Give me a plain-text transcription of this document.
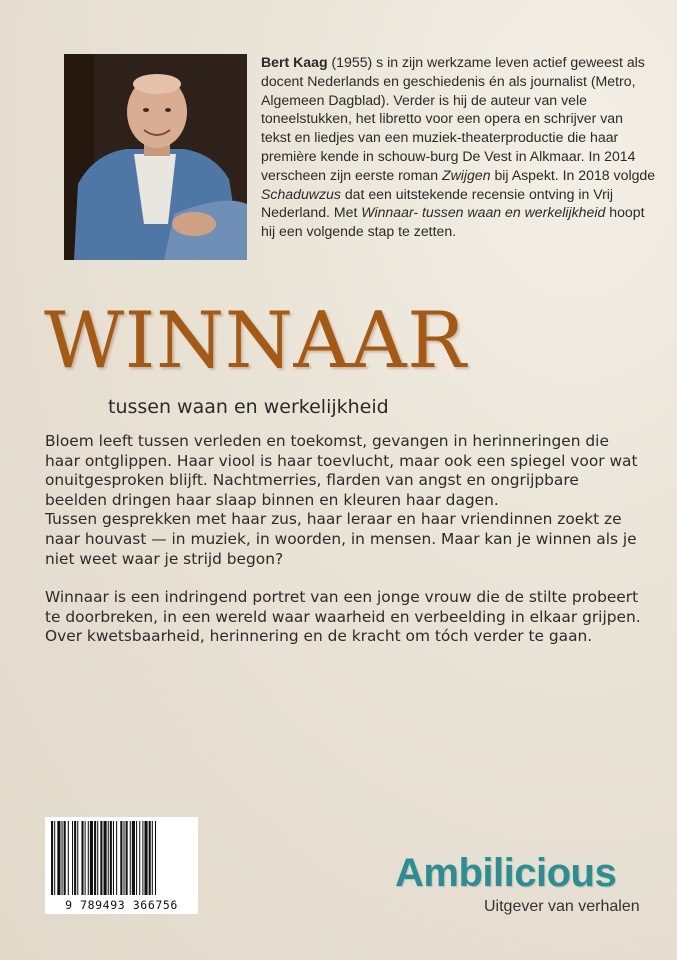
Bert Kaag (1955) s in zijn werkzame leven actief geweest als docent Nederlands en geschiedenis én als journalist (Metro, Algemeen Dagblad). Verder is hij de auteur van vele toneelstukken, het libretto voor een opera en schrijver van tekst en liedjes van een muziek-theaterproductie die haar première kende in schouw-burg De Vest in Alkmaar. In 2014 verscheen zijn eerste roman Zwijgen bij Aspekt. In 2018 volgde Schaduwzus dat een uitstekende recensie ontving in Vrij Nederland. Met Winnaar- tussen waan en werkelijkheid hoopt hij een volgende stap te zetten.
WINNAAR
tussen waan en werkelijkheid

Bloem leeft tussen verleden en toekomst, gevangen in herinneringen die haar ontglippen. Haar viool is haar toevlucht, maar ook een spiegel voor wat onuitgesproken blijft. Nachtmerries, flarden van angst en ongrijpbare beelden dringen haar slaap binnen en kleuren haar dagen.

Tussen gesprekken met haar zus, haar leraar en haar vriendinnen zoekt ze naar houvast — in muziek, in woorden, in mensen. Maar kan je winnen als je niet weet waar je strijd begon?

Winnaar is een indringend portret van een jonge vrouw die de stilte probeert te doorbreken, in een wereld waar waarheid en verbeelding in elkaar grijpen. Over kwetsbaarheid, herinnering en de kracht om tóch verder te gaan.

9 789493 366756
Ambilicious
Uitgever van verhalen
